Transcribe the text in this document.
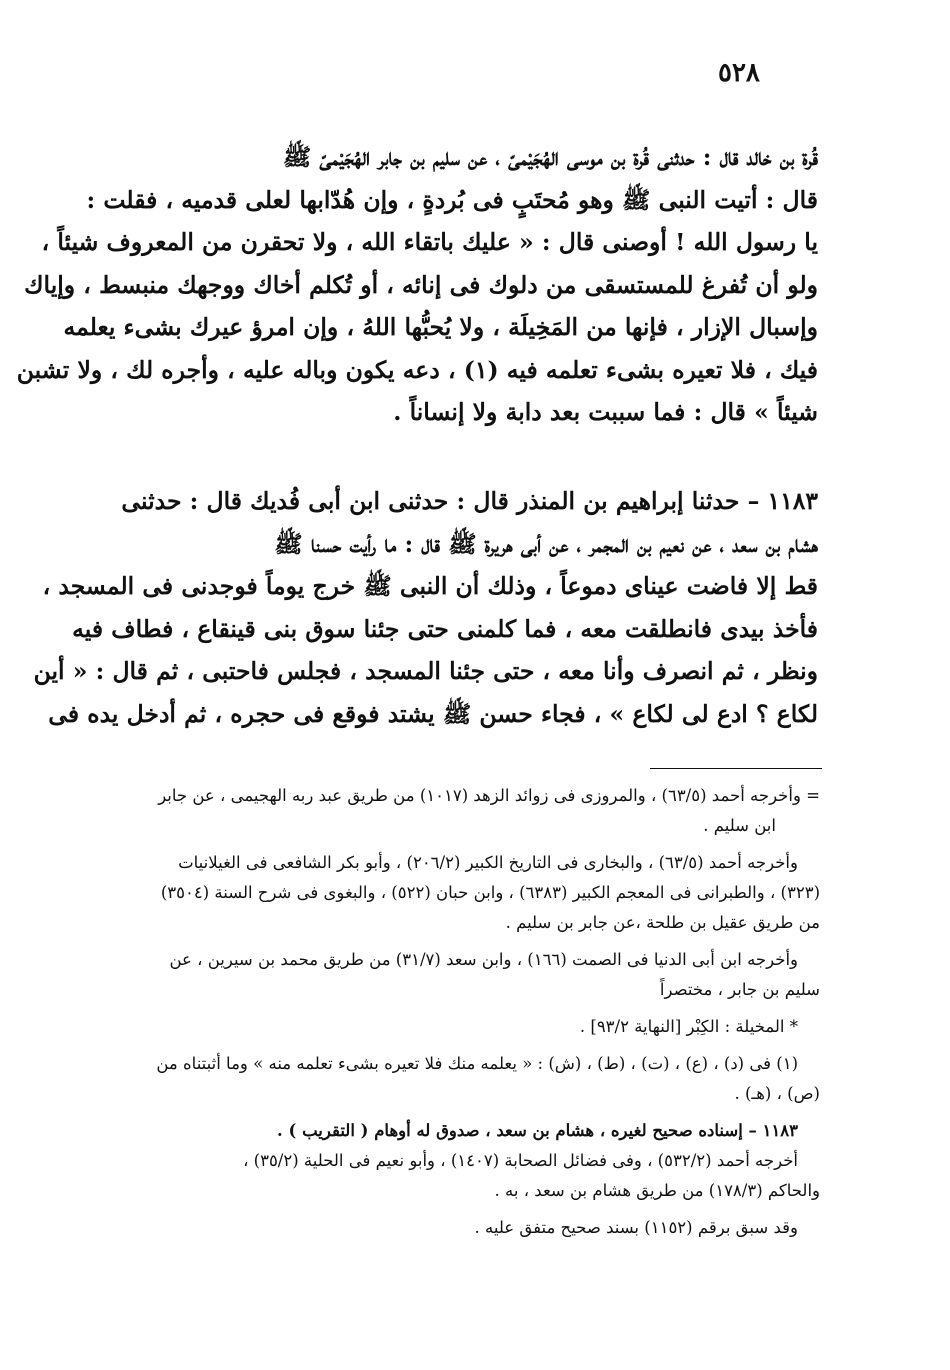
٥٢٨
قُرة بن خالد قال : حدثنى قُرة بن موسى الهُجَيْمىّ ، عن سليم بن جابر الهُجَيْمىّ ﷺ
قال : أتيت النبى ﷺ وهو مُحتَبٍ فى بُردةٍ ، وإن هُدّابها لعلى قدميه ، فقلت :
يا رسول الله ! أوصنى قال : « عليك باتقاء الله ، ولا تحقرن من المعروف شيئاً ،
ولو أن تُفرغ للمستسقى من دلوك فى إنائه ، أو تُكلم أخاك ووجهك منبسط ، وإياك
وإسبال الإزار ، فإنها من المَخِيلَة ، ولا يُحبُّها اللهُ ، وإن امرؤ عيرك بشىء يعلمه
فيك ، فلا تعيره بشىء تعلمه فيه (١) ، دعه يكون وباله عليه ، وأجره لك ، ولا تشبن
شيئاً » قال : فما سببت بعد دابة ولا إنساناً .
١١٨٣ – حدثنا إبراهيم بن المنذر قال : حدثنى ابن أبى فُديك قال : حدثنى
هشام بن سعد ، عن نعيم بن المجمر ، عن أبى هريرة ﷺ قال : ما رأيت حسنا ﷺ
قط إلا فاضت عيناى دموعاً ، وذلك أن النبى ﷺ خرج يوماً فوجدنى فى المسجد ،
فأخذ بيدى فانطلقت معه ، فما كلمنى حتى جئنا سوق بنى قينقاع ، فطاف فيه
ونظر ، ثم انصرف وأنا معه ، حتى جئنا المسجد ، فجلس فاحتبى ، ثم قال : « أين
لكاع ؟ ادع لى لكاع » ، فجاء حسن ﷺ يشتد فوقع فى حجره ، ثم أدخل يده فى
= وأخرجه أحمد (٦٣/٥) ، والمروزى فى زوائد الزهد (١٠١٧) من طريق عبد ربه الهجيمى ، عن جابر
ابن سليم .
وأخرجه أحمد (٦٣/٥) ، والبخارى فى التاريخ الكبير (٢٠٦/٢) ، وأبو بكر الشافعى فى الغيلانيات
(٣٢٣) ، والطبرانى فى المعجم الكبير (٦٣٨٣) ، وابن حبان (٥٢٢) ، والبغوى فى شرح السنة (٣٥٠٤)
من طريق عقيل بن طلحة ،عن جابر بن سليم .
وأخرجه ابن أبى الدنيا فى الصمت (١٦٦) ، وابن سعد (٣١/٧) من طريق محمد بن سيرين ، عن
سليم بن جابر ، مختصراً
* المخيلة : الكِبْر [النهاية ٩٣/٢] .
(١) فى (د) ، (ع) ، (ت) ، (ط) ، (ش) : « يعلمه منك فلا تعيره بشىء تعلمه منه » وما أثبتناه من
(ص) ، (هـ) .
١١٨٣ – إسناده صحيح لغيره ، هشام بن سعد ، صدوق له أوهام ( التقريب ) .
أخرجه أحمد (٥٣٢/٢) ، وفى فضائل الصحابة (١٤٠٧) ، وأبو نعيم فى الحلية (٣٥/٢) ،
والحاكم (١٧٨/٣) من طريق هشام بن سعد ، به .
وقد سبق برقم (١١٥٢) بسند صحيح متفق عليه .
